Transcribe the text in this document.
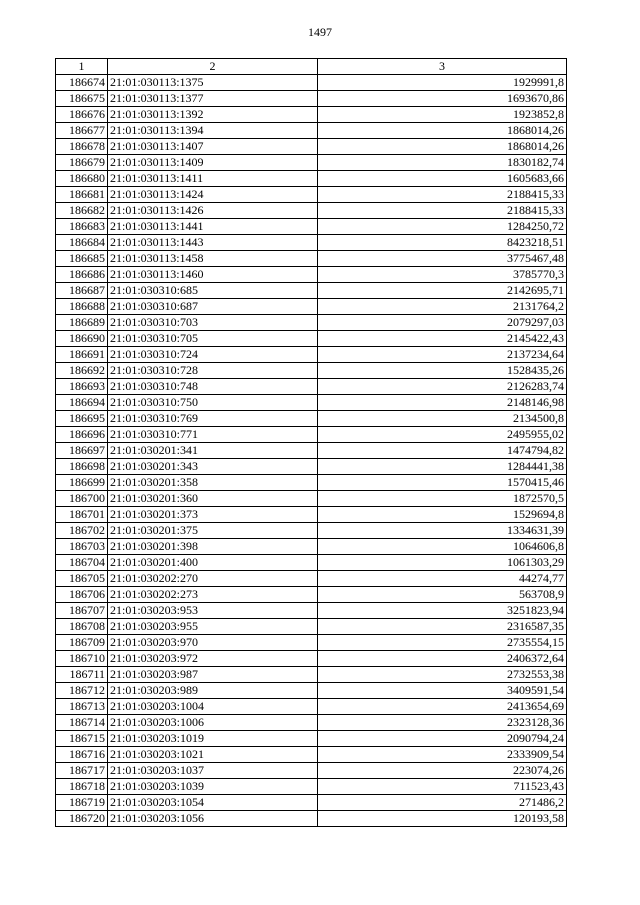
1497
1	2	3
186674	21:01:030113:1375	1929991,8
186675	21:01:030113:1377	1693670,86
186676	21:01:030113:1392	1923852,8
186677	21:01:030113:1394	1868014,26
186678	21:01:030113:1407	1868014,26
186679	21:01:030113:1409	1830182,74
186680	21:01:030113:1411	1605683,66
186681	21:01:030113:1424	2188415,33
186682	21:01:030113:1426	2188415,33
186683	21:01:030113:1441	1284250,72
186684	21:01:030113:1443	8423218,51
186685	21:01:030113:1458	3775467,48
186686	21:01:030113:1460	3785770,3
186687	21:01:030310:685	2142695,71
186688	21:01:030310:687	2131764,2
186689	21:01:030310:703	2079297,03
186690	21:01:030310:705	2145422,43
186691	21:01:030310:724	2137234,64
186692	21:01:030310:728	1528435,26
186693	21:01:030310:748	2126283,74
186694	21:01:030310:750	2148146,98
186695	21:01:030310:769	2134500,8
186696	21:01:030310:771	2495955,02
186697	21:01:030201:341	1474794,82
186698	21:01:030201:343	1284441,38
186699	21:01:030201:358	1570415,46
186700	21:01:030201:360	1872570,5
186701	21:01:030201:373	1529694,8
186702	21:01:030201:375	1334631,39
186703	21:01:030201:398	1064606,8
186704	21:01:030201:400	1061303,29
186705	21:01:030202:270	44274,77
186706	21:01:030202:273	563708,9
186707	21:01:030203:953	3251823,94
186708	21:01:030203:955	2316587,35
186709	21:01:030203:970	2735554,15
186710	21:01:030203:972	2406372,64
186711	21:01:030203:987	2732553,38
186712	21:01:030203:989	3409591,54
186713	21:01:030203:1004	2413654,69
186714	21:01:030203:1006	2323128,36
186715	21:01:030203:1019	2090794,24
186716	21:01:030203:1021	2333909,54
186717	21:01:030203:1037	223074,26
186718	21:01:030203:1039	711523,43
186719	21:01:030203:1054	271486,2
186720	21:01:030203:1056	120193,58
